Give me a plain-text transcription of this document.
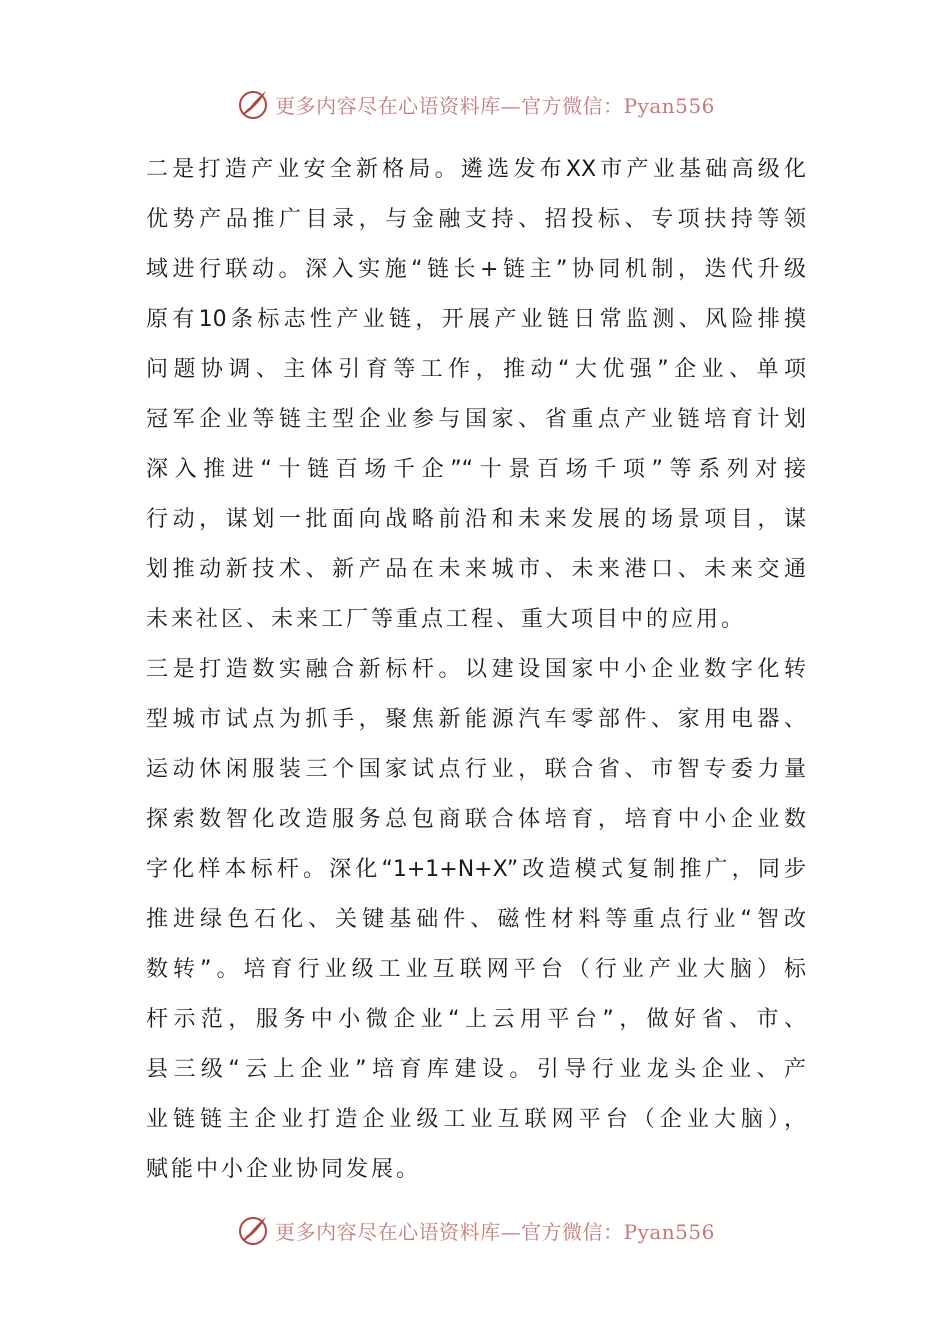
更多内容尽在心语资料库—官方微信：Pyan556
二是打造产业安全新格局。遴选发布XX市产业基础高级化
优势产品推广目录，与金融支持、招投标、专项扶持等领
域进行联动。深入实施“链长+链主”协同机制，迭代升级
原有10条标志性产业链，开展产业链日常监测、风险排摸
问题协调、主体引育等工作，推动“大优强”企业、单项
冠军企业等链主型企业参与国家、省重点产业链培育计划
深入推进“十链百场千企”“十景百场千项”等系列对接
行动，谋划一批面向战略前沿和未来发展的场景项目，谋
划推动新技术、新产品在未来城市、未来港口、未来交通
未来社区、未来工厂等重点工程、重大项目中的应用。
三是打造数实融合新标杆。以建设国家中小企业数字化转
型城市试点为抓手，聚焦新能源汽车零部件、家用电器、
运动休闲服装三个国家试点行业，联合省、市智专委力量
探索数智化改造服务总包商联合体培育，培育中小企业数
字化样本标杆。深化“1+1+N+X”改造模式复制推广，同步
推进绿色石化、关键基础件、磁性材料等重点行业“智改
数转”。培育行业级工业互联网平台（行业产业大脑）标
杆示范，服务中小微企业“上云用平台”，做好省、市、
县三级“云上企业”培育库建设。引导行业龙头企业、产
业链链主企业打造企业级工业互联网平台（企业大脑），
赋能中小企业协同发展。
更多内容尽在心语资料库—官方微信：Pyan556
